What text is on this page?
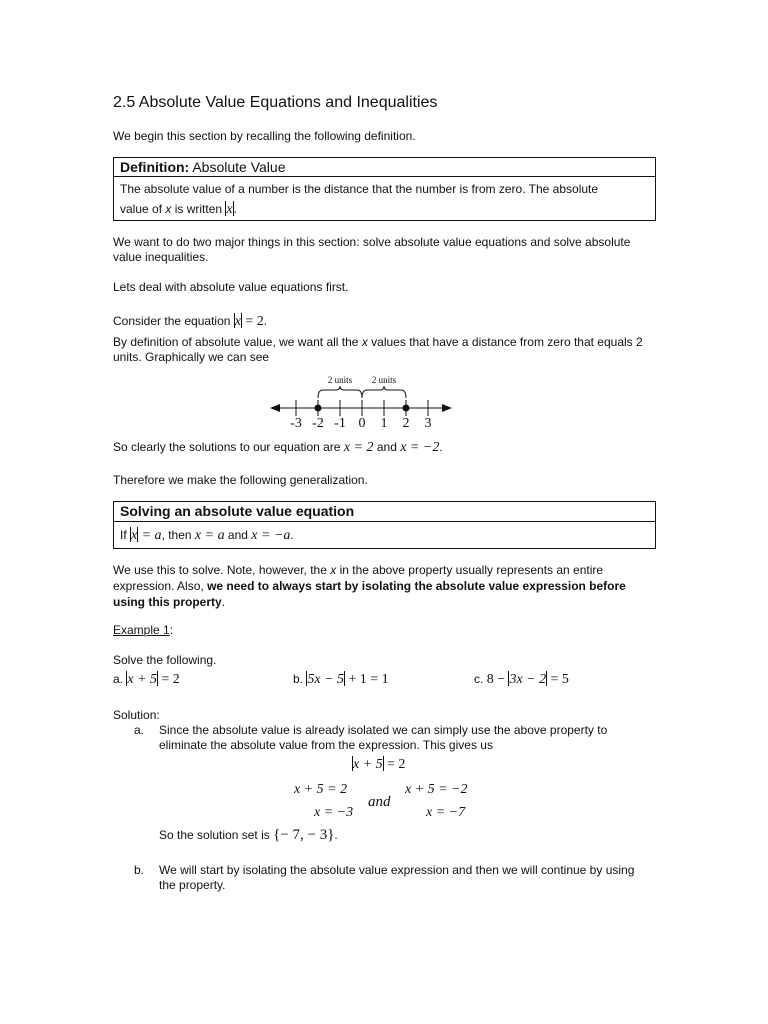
2.5 Absolute Value Equations and Inequalities
We begin this section by recalling the following definition.
Definition: Absolute Value
The absolute value of a number is the distance that the number is from zero. The absolute
value of x is written x.
We want to do two major things in this section: solve absolute value equations and solve absolute value inequalities.
Lets deal with absolute value equations first.
Consider the equation x = 2.
By definition of absolute value, we want all the x values that have a distance from zero that equals 2 units. Graphically we can see
2 units 2 units
-3 -2 -1 0 1 2 3
So clearly the solutions to our equation are x = 2 and x = −2.
Therefore we make the following generalization.
Solving an absolute value equation
If x = a, then x = a and x = −a.
We use this to solve. Note, however, the x in the above property usually represents an entire expression. Also, we need to always start by isolating the absolute value expression before using this property.
Example 1:
Solve the following.
a. x + 5 = 2	b. 5x − 5 + 1 = 1	c. 8 − 3x − 2 = 5
Solution:
a. Since the absolute value is already isolated we can simply use the above property to eliminate the absolute value from the expression. This gives us
x + 5 = 2
x + 5 = 2
x = −3
and
x + 5 = −2
x = −7
So the solution set is {− 7, − 3}.
b. We will start by isolating the absolute value expression and then we will continue by using the property.
